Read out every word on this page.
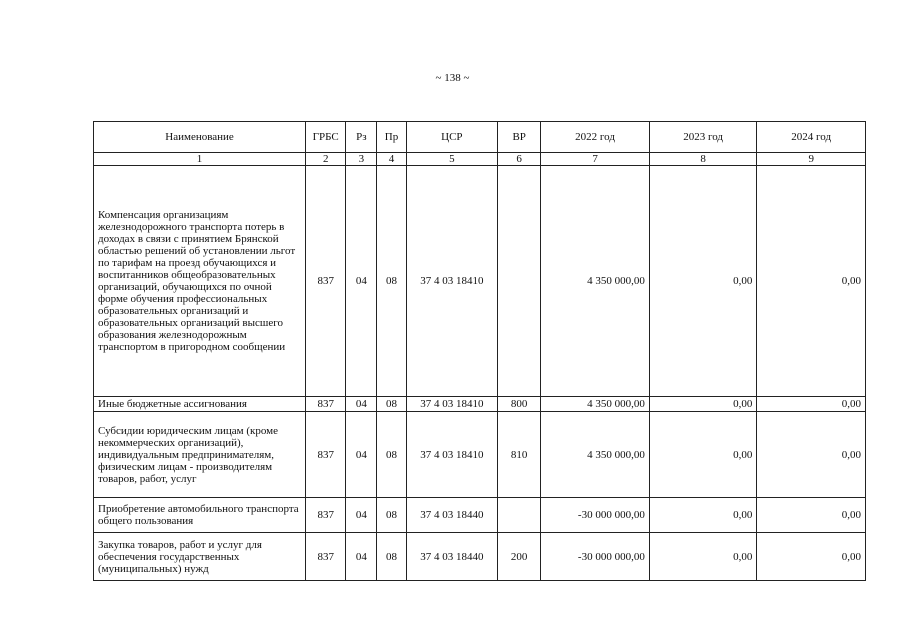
~ 138 ~
Наименование	ГРБС	Рз	Пр	ЦСР	ВР	2022 год	2023 год	2024 год
1	2	3	4	5	6	7	8	9
Компенсация организациям железнодорожного транспорта потерь в доходах в связи с принятием Брянской областью решений об установлении льгот по тарифам на проезд обучающихся и воспитанников общеобразовательных организаций, обучающихся по очной форме обучения профессиональных образовательных организаций и образовательных организаций высшего образования железнодорожным транспортом в пригородном сообщении	837	04	08	37 4 03 18410		4 350 000,00	0,00	0,00
Иные бюджетные ассигнования	837	04	08	37 4 03 18410	800	4 350 000,00	0,00	0,00
Субсидии юридическим лицам (кроме некоммерческих организаций), индивидуальным предпринимателям, физическим лицам - производителям товаров, работ, услуг	837	04	08	37 4 03 18410	810	4 350 000,00	0,00	0,00
Приобретение автомобильного транспорта общего пользования	837	04	08	37 4 03 18440		-30 000 000,00	0,00	0,00
Закупка товаров, работ и услуг для обеспечения государственных (муниципальных) нужд	837	04	08	37 4 03 18440	200	-30 000 000,00	0,00	0,00
